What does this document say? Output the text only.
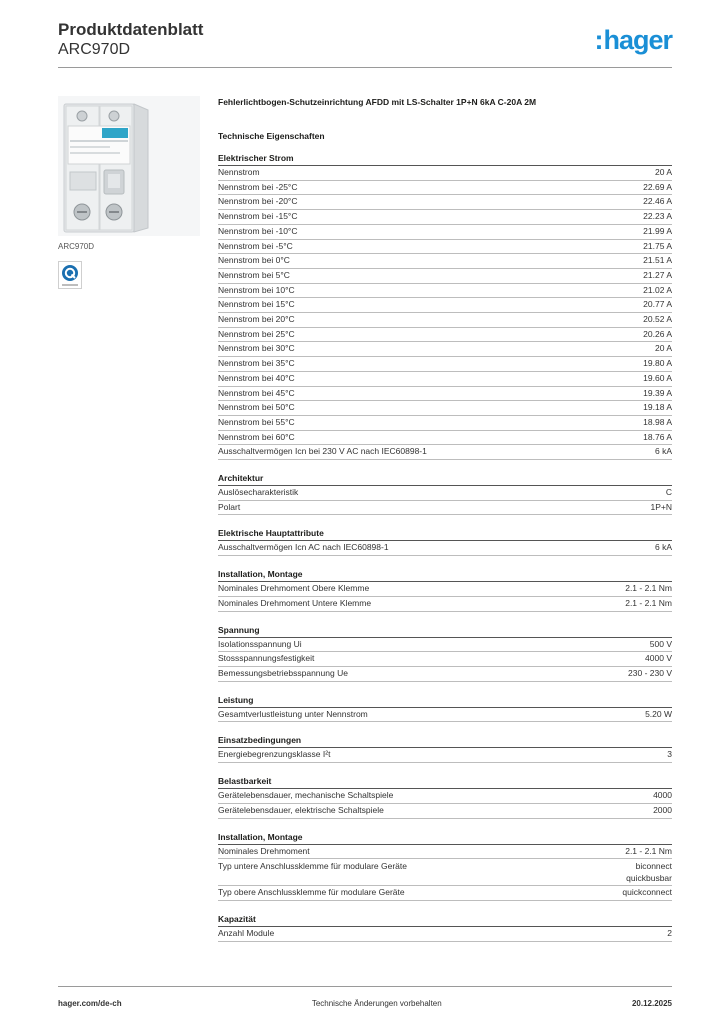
Produktdatenblatt
ARC970D	:hager
ARC970D
Fehlerlichtbogen-Schutzeinrichtung AFDD mit LS-Schalter 1P+N 6kA C-20A 2M
Technische Eigenschaften
Elektrischer Strom
Nennstrom	20 A
Nennstrom bei -25°C	22.69 A
Nennstrom bei -20°C	22.46 A
Nennstrom bei -15°C	22.23 A
Nennstrom bei -10°C	21.99 A
Nennstrom bei -5°C	21.75 A
Nennstrom bei 0°C	21.51 A
Nennstrom bei 5°C	21.27 A
Nennstrom bei 10°C	21.02 A
Nennstrom bei 15°C	20.77 A
Nennstrom bei 20°C	20.52 A
Nennstrom bei 25°C	20.26 A
Nennstrom bei 30°C	20 A
Nennstrom bei 35°C	19.80 A
Nennstrom bei 40°C	19.60 A
Nennstrom bei 45°C	19.39 A
Nennstrom bei 50°C	19.18 A
Nennstrom bei 55°C	18.98 A
Nennstrom bei 60°C	18.76 A
Ausschaltvermögen Icn bei 230 V AC nach IEC60898-1	6 kA
Architektur
Auslösecharakteristik	C
Polart	1P+N
Elektrische Hauptattribute
Ausschaltvermögen Icn AC nach IEC60898-1	6 kA
Installation, Montage
Nominales Drehmoment Obere Klemme	2.1 - 2.1 Nm
Nominales Drehmoment Untere Klemme	2.1 - 2.1 Nm
Spannung
Isolationsspannung Ui	500 V
Stossspannungsfestigkeit	4000 V
Bemessungsbetriebsspannung Ue	230 - 230 V
Leistung
Gesamtverlustleistung unter Nennstrom	5.20 W
Einsatzbedingungen
Energiebegrenzungsklasse I²t	3
Belastbarkeit
Gerätelebensdauer, mechanische Schaltspiele	4000
Gerätelebensdauer, elektrische Schaltspiele	2000
Installation, Montage
Nominales Drehmoment	2.1 - 2.1 Nm
Typ untere Anschlussklemme für modulare Geräte	biconnect
quickbusbar
Typ obere Anschlussklemme für modulare Geräte	quickconnect
Kapazität
Anzahl Module	2
hager.com/de-ch	Technische Änderungen vorbehalten	20.12.2025
